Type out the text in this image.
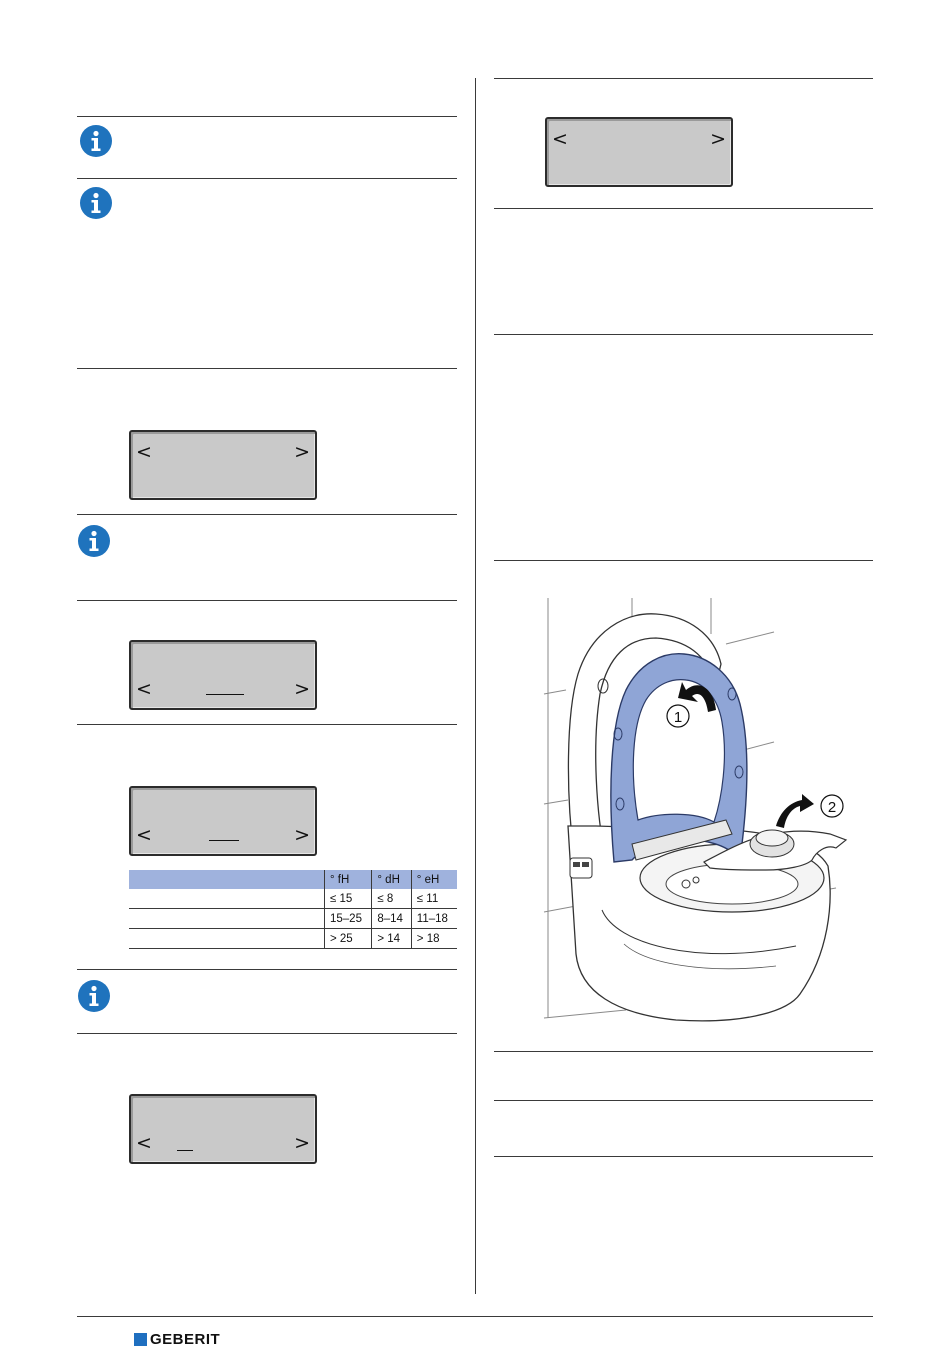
<	>
<	>
<	>
<	>
<	>
	° fH	° dH	° eH
	≤ 15	≤ 8	≤ 11
	15–25	8–14	11–18
	> 25	> 14	> 18
1
2
GEBERIT
